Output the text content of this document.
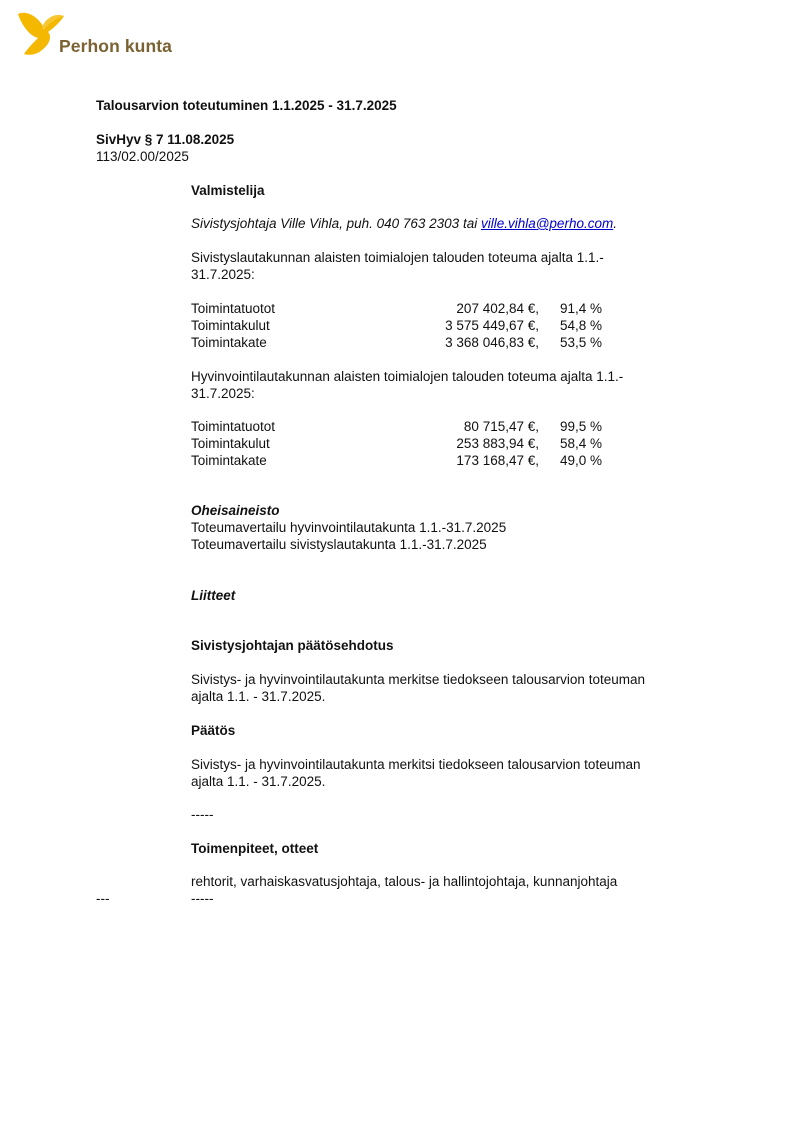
Perhon kunta
Talousarvion toteutuminen 1.1.2025 - 31.7.2025
SivHyv § 7 11.08.2025
113/02.00/2025
Valmistelija
Sivistysjohtaja Ville Vihla, puh. 040 763 2303 tai ville.vihla@perho.com.
Sivistyslautakunnan alaisten toimialojen talouden toteuma ajalta 1.1.-
31.7.2025:
Toimintatuotot	207 402,84 €, 91,4 %
Toimintakulut	3 575 449,67 €, 54,8 %
Toimintakate	3 368 046,83 €, 53,5 %
Hyvinvointilautakunnan alaisten toimialojen talouden toteuma ajalta 1.1.-
31.7.2025:
Toimintatuotot	80 715,47 €, 99,5 %
Toimintakulut	253 883,94 €, 58,4 %
Toimintakate	173 168,47 €, 49,0 %
Oheisaineisto
Toteumavertailu hyvinvointilautakunta 1.1.-31.7.2025
Toteumavertailu sivistyslautakunta 1.1.-31.7.2025
Liitteet
Sivistysjohtajan päätösehdotus
Sivistys- ja hyvinvointilautakunta merkitse tiedokseen talousarvion toteuman
ajalta 1.1. - 31.7.2025.
Päätös
Sivistys- ja hyvinvointilautakunta merkitsi tiedokseen talousarvion toteuman
ajalta 1.1. - 31.7.2025.
-----
Toimenpiteet, otteet
rehtorit, varhaiskasvatusjohtaja, talous- ja hallintojohtaja, kunnanjohtaja
---	-----
